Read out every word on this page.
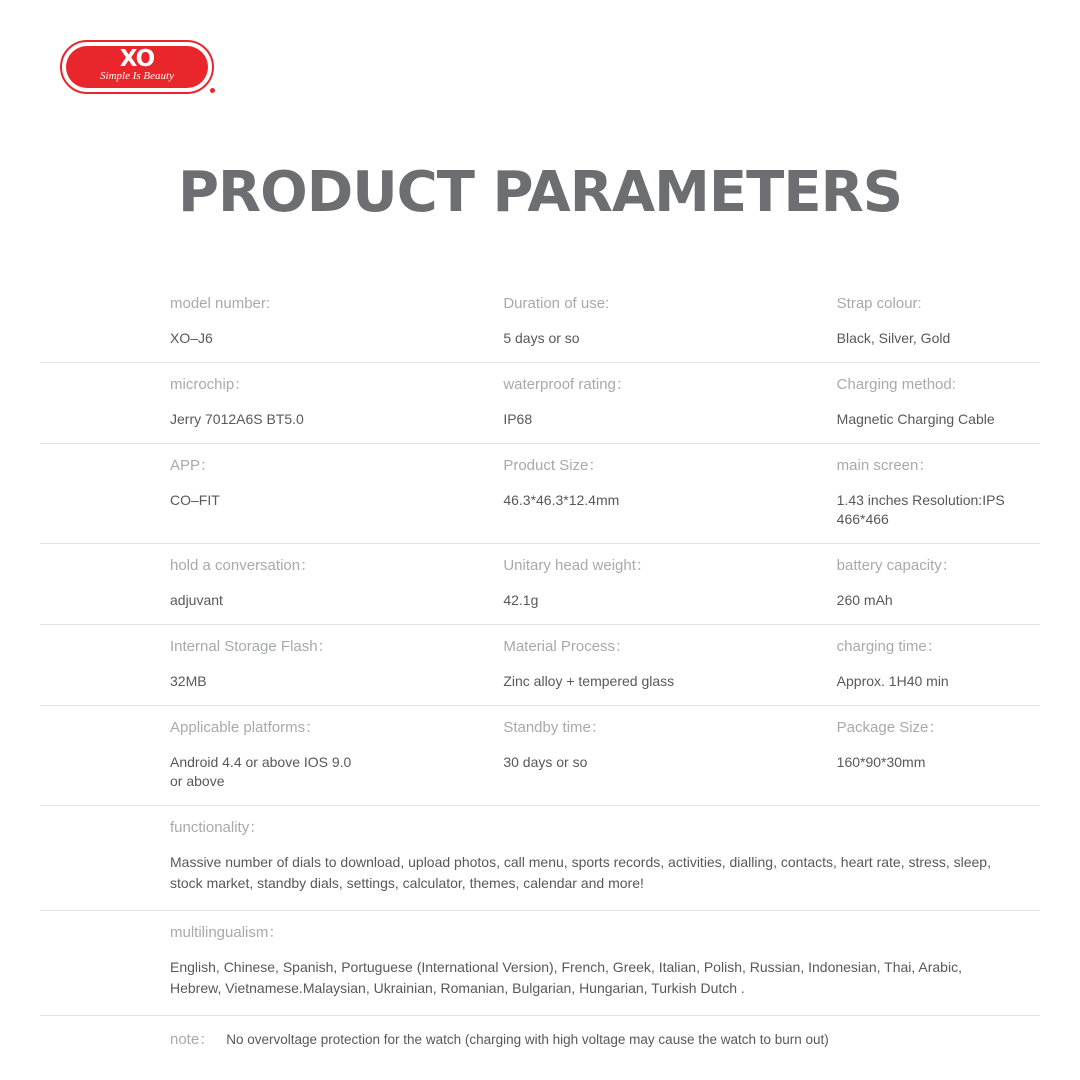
XO
Simple Is Beauty
PRODUCT PARAMETERS
model number:
XO–J6
Duration of use:
5 days or so
Strap colour:
Black, Silver, Gold
microchip：
Jerry 7012A6S BT5.0
waterproof rating：
IP68
Charging method:
Magnetic Charging Cable
APP：
CO–FIT
Product Size：
46.3*46.3*12.4mm
main screen：
1.43 inches Resolution:IPS 466*466
hold a conversation：
adjuvant
Unitary head weight：
42.1g
battery capacity：
260 mAh
Internal Storage Flash：
32MB
Material Process：
Zinc alloy + tempered glass
charging time：
Approx. 1H40 min
Applicable platforms：
Android 4.4 or above IOS 9.0 or above
Standby time：
30 days or so
Package Size：
160*90*30mm
functionality：
Massive number of dials to download, upload photos, call menu, sports records, activities, dialling, contacts, heart rate, stress, sleep, stock market, standby dials, settings, calculator, themes, calendar and more!
multilingualism：
English, Chinese, Spanish, Portuguese (International Version), French, Greek, Italian, Polish, Russian, Indonesian, Thai, Arabic, Hebrew, Vietnamese.Malaysian, Ukrainian, Romanian, Bulgarian, Hungarian, Turkish Dutch .
note： No overvoltage protection for the watch (charging with high voltage may cause the watch to burn out)
